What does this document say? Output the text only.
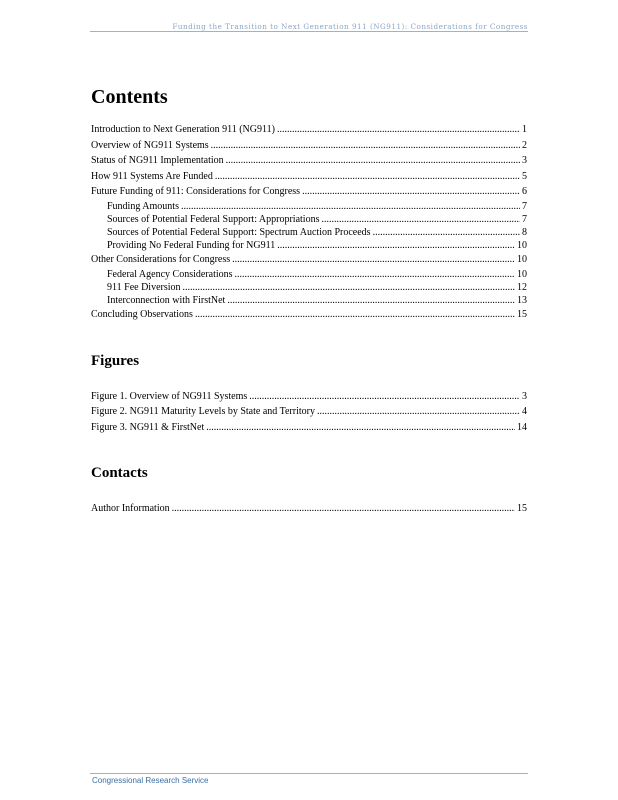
Funding the Transition to Next Generation 911 (NG911): Considerations for Congress
Contents
Introduction to Next Generation 911 (NG911) .....	1
Overview of NG911 Systems .....	2
Status of NG911 Implementation .....	3
How 911 Systems Are Funded .....	5
Future Funding of 911: Considerations for Congress .....	6
Funding Amounts .....	7
Sources of Potential Federal Support: Appropriations .....	7
Sources of Potential Federal Support: Spectrum Auction Proceeds .....	8
Providing No Federal Funding for NG911 .....	10
Other Considerations for Congress .....	10
Federal Agency Considerations .....	10
911 Fee Diversion .....	12
Interconnection with FirstNet .....	13
Concluding Observations .....	15
Figures
Figure 1. Overview of NG911 Systems .....	3
Figure 2. NG911 Maturity Levels by State and Territory .....	4
Figure 3. NG911 & FirstNet .....	14
Contacts
Author Information .....	15
Congressional Research Service
